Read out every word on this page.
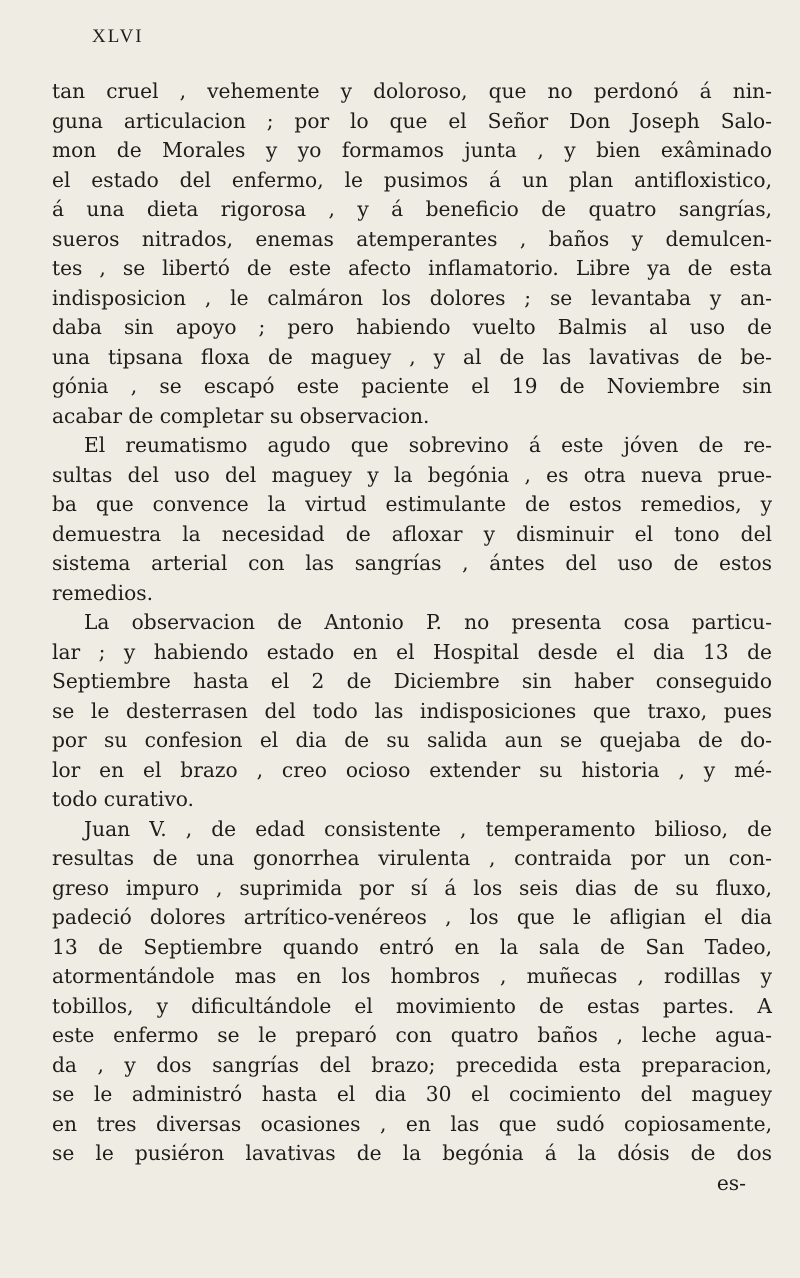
XLVI
tan cruel , vehemente y doloroso, que no perdonó á nin-
guna articulacion ; por lo que el Señor Don Joseph Salo-
mon de Morales y yo formamos junta , y bien exâminado
el estado del enfermo, le pusimos á un plan antifloxistico,
á una dieta rigorosa , y á beneficio de quatro sangrías,
sueros nitrados, enemas atemperantes , baños y demulcen-
tes , se libertó de este afecto inflamatorio. Libre ya de esta
indisposicion , le calmáron los dolores ; se levantaba y an-
daba sin apoyo ; pero habiendo vuelto Balmis al uso de
una tipsana floxa de maguey , y al de las lavativas de be-
gónia , se escapó este paciente el 19 de Noviembre sin
acabar de completar su observacion.
El reumatismo agudo que sobrevino á este jóven de re-
sultas del uso del maguey y la begónia , es otra nueva prue-
ba que convence la virtud estimulante de estos remedios, y
demuestra la necesidad de afloxar y disminuir el tono del
sistema arterial con las sangrías , ántes del uso de estos
remedios.
La observacion de Antonio P. no presenta cosa particu-
lar ; y habiendo estado en el Hospital desde el dia 13 de
Septiembre hasta el 2 de Diciembre sin haber conseguido
se le desterrasen del todo las indisposiciones que traxo, pues
por su confesion el dia de su salida aun se quejaba de do-
lor en el brazo , creo ocioso extender su historia , y mé-
todo curativo.
Juan V. , de edad consistente , temperamento bilioso, de
resultas de una gonorrhea virulenta , contraida por un con-
greso impuro , suprimida por sí á los seis dias de su fluxo,
padeció dolores artrítico-venéreos , los que le afligian el dia
13 de Septiembre quando entró en la sala de San Tadeo,
atormentándole mas en los hombros , muñecas , rodillas y
tobillos, y dificultándole el movimiento de estas partes. A
este enfermo se le preparó con quatro baños , leche agua-
da , y dos sangrías del brazo; precedida esta preparacion,
se le administró hasta el dia 30 el cocimiento del maguey
en tres diversas ocasiones , en las que sudó copiosamente,
se le pusiéron lavativas de la begónia á la dósis de dos
es-
